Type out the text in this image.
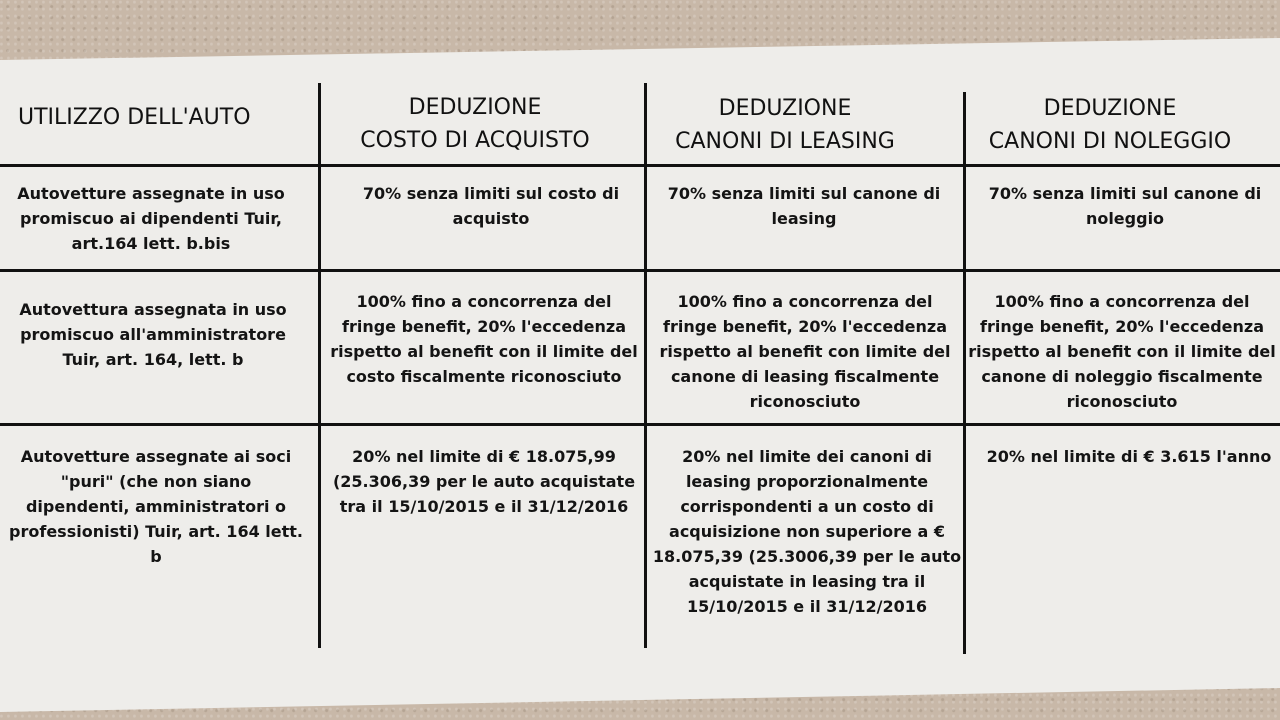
UTILIZZO DELL'AUTO	DEDUZIONE
COSTO DI ACQUISTO
DEDUZIONE
CANONI DI LEASING
DEDUZIONE
CANONI DI NOLEGGIO
Autovetture assegnate in uso promiscuo ai dipendenti Tuir, art.164 lett. b.bis
70% senza limiti sul costo di acquisto
70% senza limiti sul canone di leasing
70% senza limiti sul canone di noleggio
Autovettura assegnata in uso promiscuo all'amministratore Tuir, art. 164, lett. b
100% fino a concorrenza del fringe benefit, 20% l'eccedenza rispetto al benefit con il limite del costo fiscalmente riconosciuto
100% fino a concorrenza del fringe benefit, 20% l'eccedenza rispetto al benefit con limite del canone di leasing fiscalmente riconosciuto
100% fino a concorrenza del fringe benefit, 20% l'eccedenza rispetto al benefit con il limite del canone di noleggio fiscalmente riconosciuto
Autovetture assegnate ai soci "puri" (che non siano dipendenti, amministratori o professionisti) Tuir, art. 164 lett. b
20% nel limite di € 18.075,99 (25.306,39 per le auto acquistate tra il 15/10/2015 e il 31/12/2016
20% nel limite dei canoni di leasing proporzionalmente corrispondenti a un costo di acquisizione non superiore a € 18.075,39 (25.3006,39 per le auto acquistate in leasing tra il 15/10/2015 e il 31/12/2016
20% nel limite di € 3.615 l'anno
